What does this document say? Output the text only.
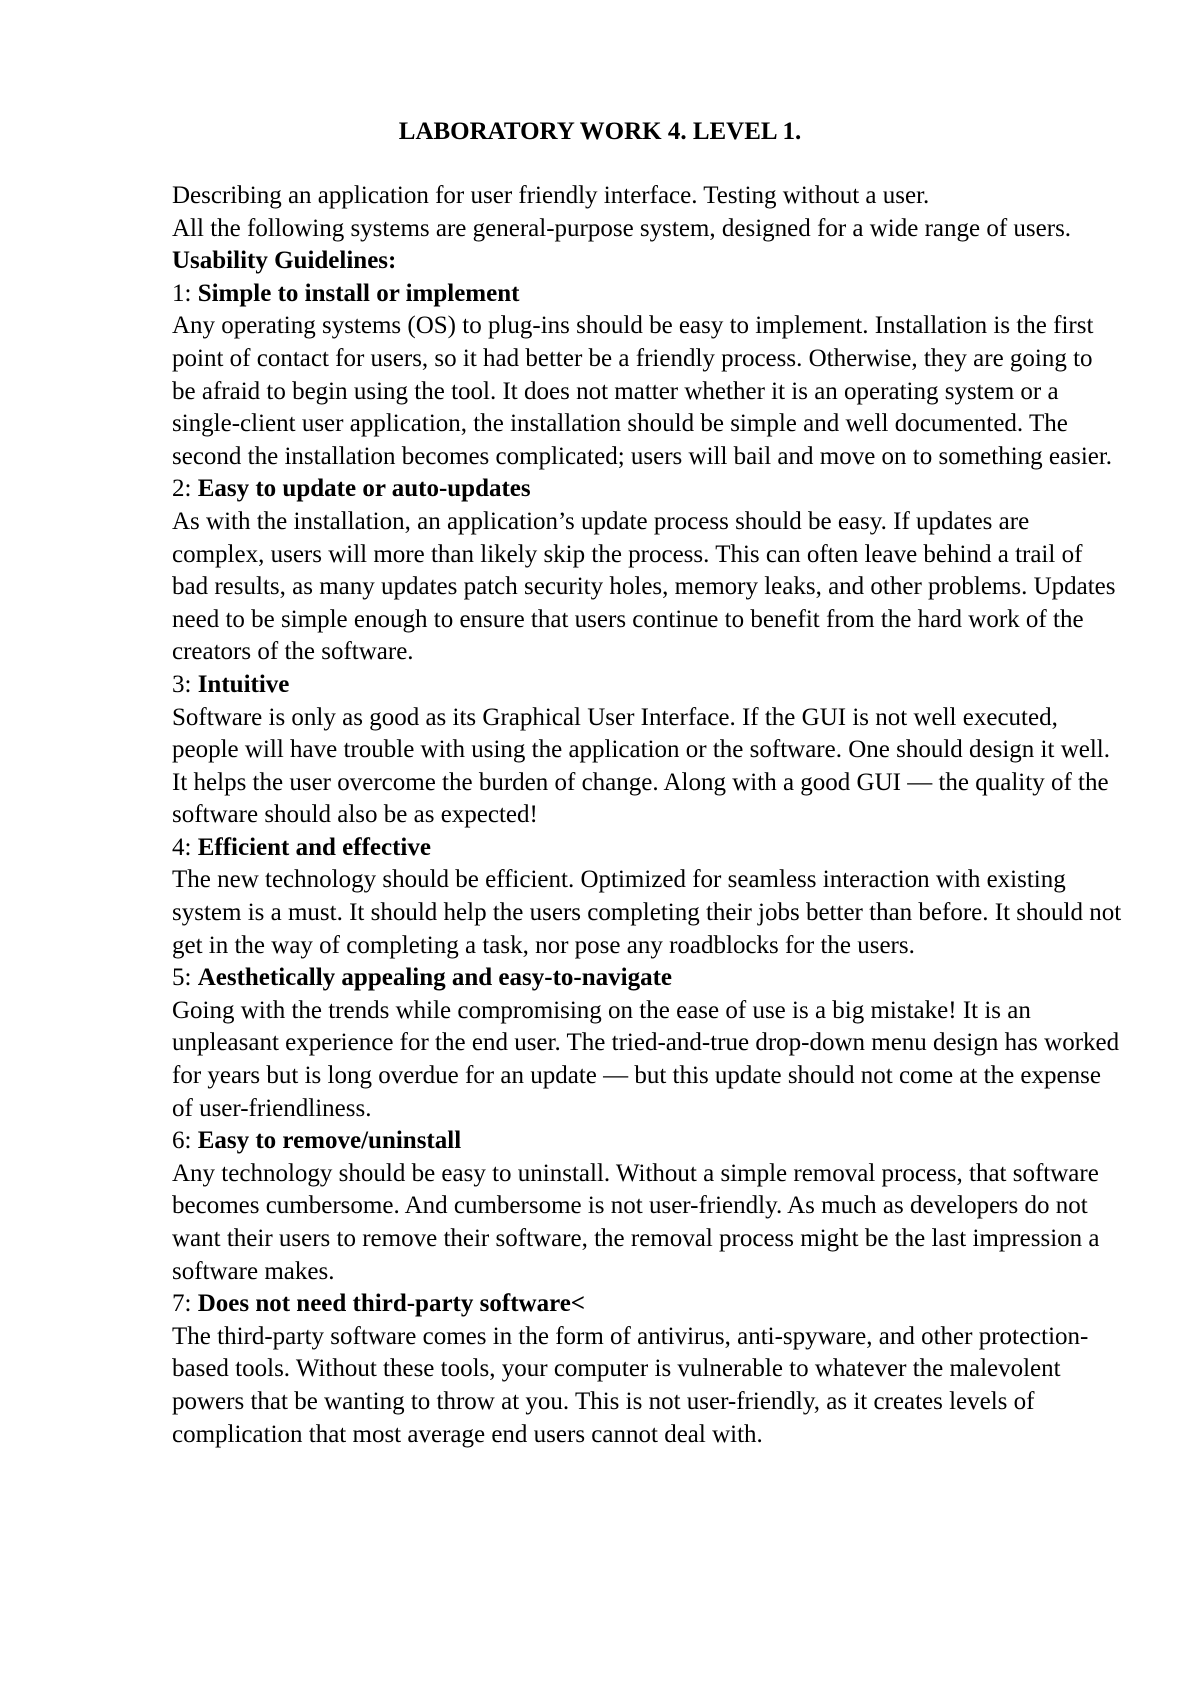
LABORATORY WORK 4. LEVEL 1.

Describing an application for user friendly interface. Testing without a user.

All the following systems are general-purpose system, designed for a wide range of users.

Usability Guidelines:

1: Simple to install or implement

Any operating systems (OS) to plug-ins should be easy to implement. Installation is the first point of contact for users, so it had better be a friendly process. Otherwise, they are going to be afraid to begin using the tool. It does not matter whether it is an operating system or a single-client user application, the installation should be simple and well documented. The second the installation becomes complicated; users will bail and move on to something easier.

2: Easy to update or auto-updates

As with the installation, an application’s update process should be easy. If updates are complex, users will more than likely skip the process. This can often leave behind a trail of bad results, as many updates patch security holes, memory leaks, and other problems. Updates need to be simple enough to ensure that users continue to benefit from the hard work of the creators of the software.

3: Intuitive

Software is only as good as its Graphical User Interface. If the GUI is not well executed, people will have trouble with using the application or the software. One should design it well. It helps the user overcome the burden of change. Along with a good GUI — the quality of the software should also be as expected!

4: Efficient and effective

The new technology should be efficient. Optimized for seamless interaction with existing system is a must. It should help the users completing their jobs better than before. It should not get in the way of completing a task, nor pose any roadblocks for the users.

5: Aesthetically appealing and easy-to-navigate

Going with the trends while compromising on the ease of use is a big mistake! It is an unpleasant experience for the end user. The tried-and-true drop-down menu design has worked for years but is long overdue for an update — but this update should not come at the expense of user-friendliness.

6: Easy to remove/uninstall

Any technology should be easy to uninstall. Without a simple removal process, that software becomes cumbersome. And cumbersome is not user-friendly. As much as developers do not want their users to remove their software, the removal process might be the last impression a software makes.

7: Does not need third-party software<

The third-party software comes in the form of antivirus, anti-spyware, and other protection-based tools. Without these tools, your computer is vulnerable to whatever the malevolent powers that be wanting to throw at you. This is not user-friendly, as it creates levels of complication that most average end users cannot deal with.
